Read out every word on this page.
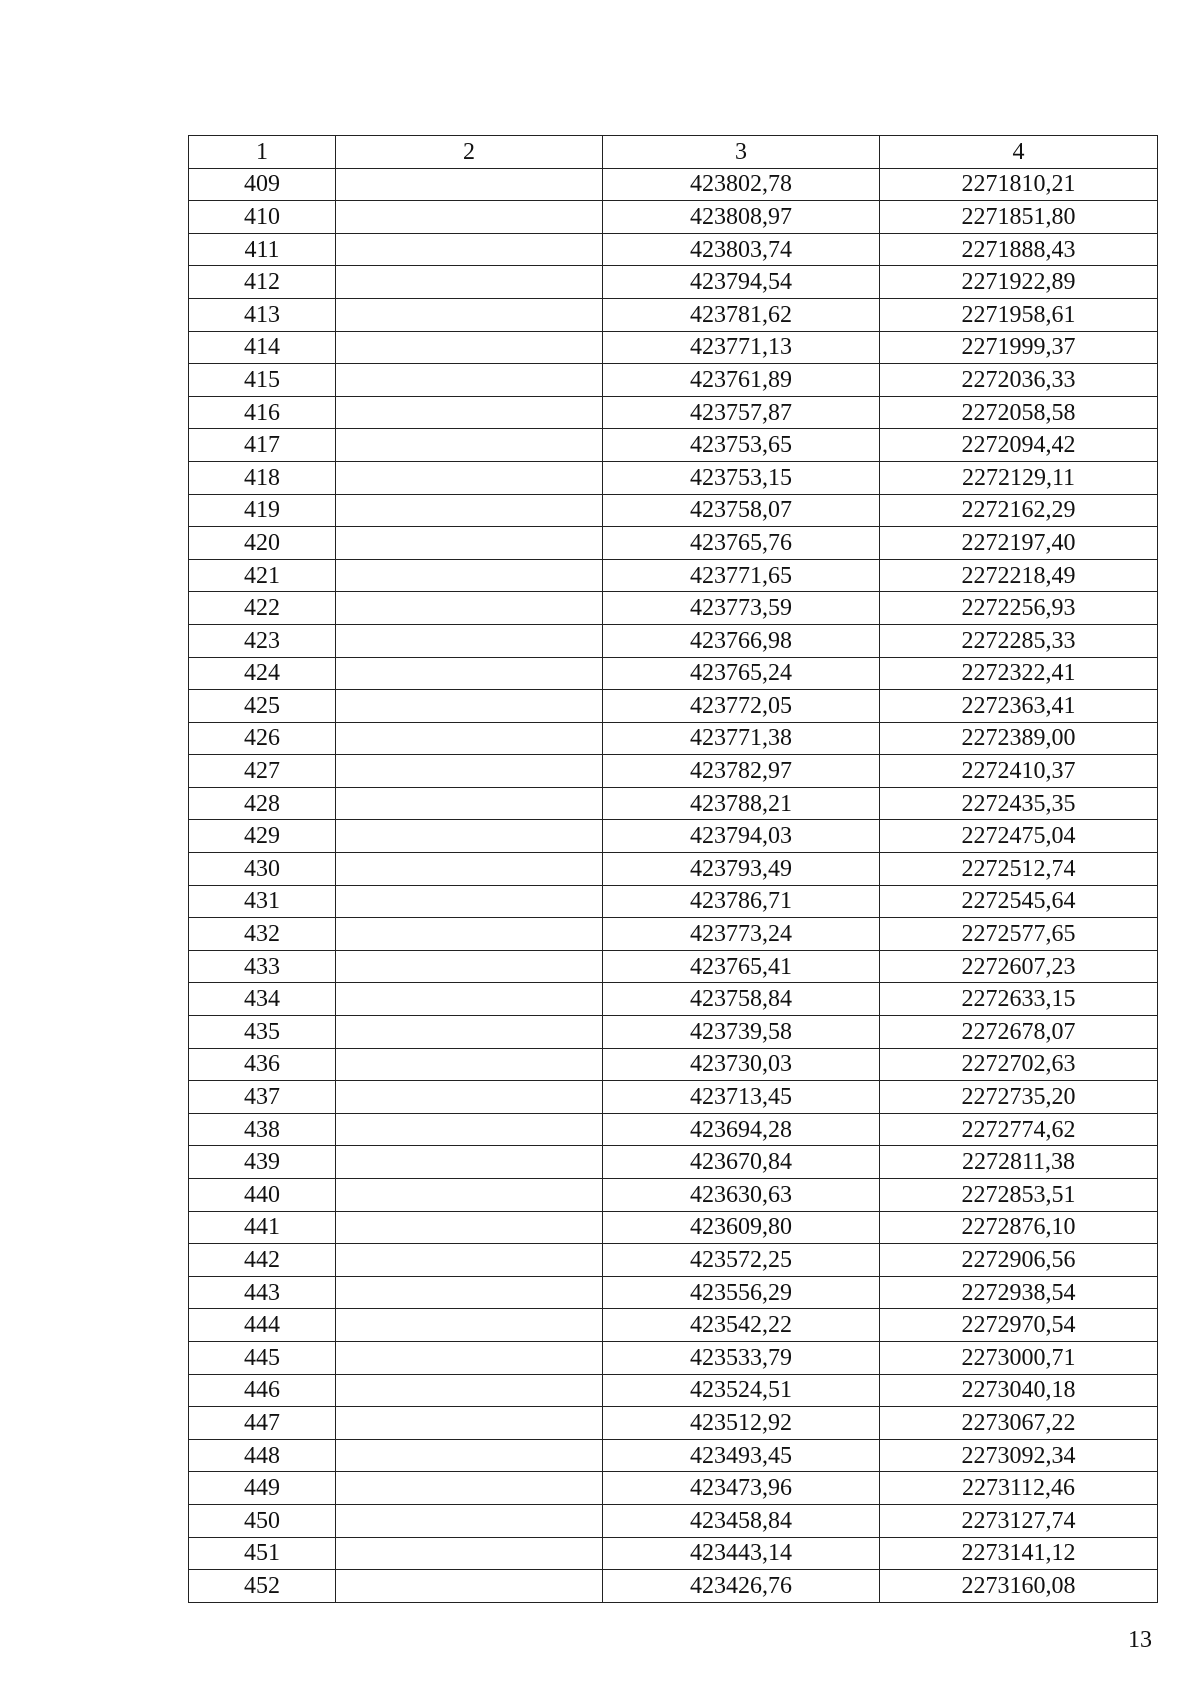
1	2	3	4
409		423802,78	2271810,21
410		423808,97	2271851,80
411		423803,74	2271888,43
412		423794,54	2271922,89
413		423781,62	2271958,61
414		423771,13	2271999,37
415		423761,89	2272036,33
416		423757,87	2272058,58
417		423753,65	2272094,42
418		423753,15	2272129,11
419		423758,07	2272162,29
420		423765,76	2272197,40
421		423771,65	2272218,49
422		423773,59	2272256,93
423		423766,98	2272285,33
424		423765,24	2272322,41
425		423772,05	2272363,41
426		423771,38	2272389,00
427		423782,97	2272410,37
428		423788,21	2272435,35
429		423794,03	2272475,04
430		423793,49	2272512,74
431		423786,71	2272545,64
432		423773,24	2272577,65
433		423765,41	2272607,23
434		423758,84	2272633,15
435		423739,58	2272678,07
436		423730,03	2272702,63
437		423713,45	2272735,20
438		423694,28	2272774,62
439		423670,84	2272811,38
440		423630,63	2272853,51
441		423609,80	2272876,10
442		423572,25	2272906,56
443		423556,29	2272938,54
444		423542,22	2272970,54
445		423533,79	2273000,71
446		423524,51	2273040,18
447		423512,92	2273067,22
448		423493,45	2273092,34
449		423473,96	2273112,46
450		423458,84	2273127,74
451		423443,14	2273141,12
452		423426,76	2273160,08
13
